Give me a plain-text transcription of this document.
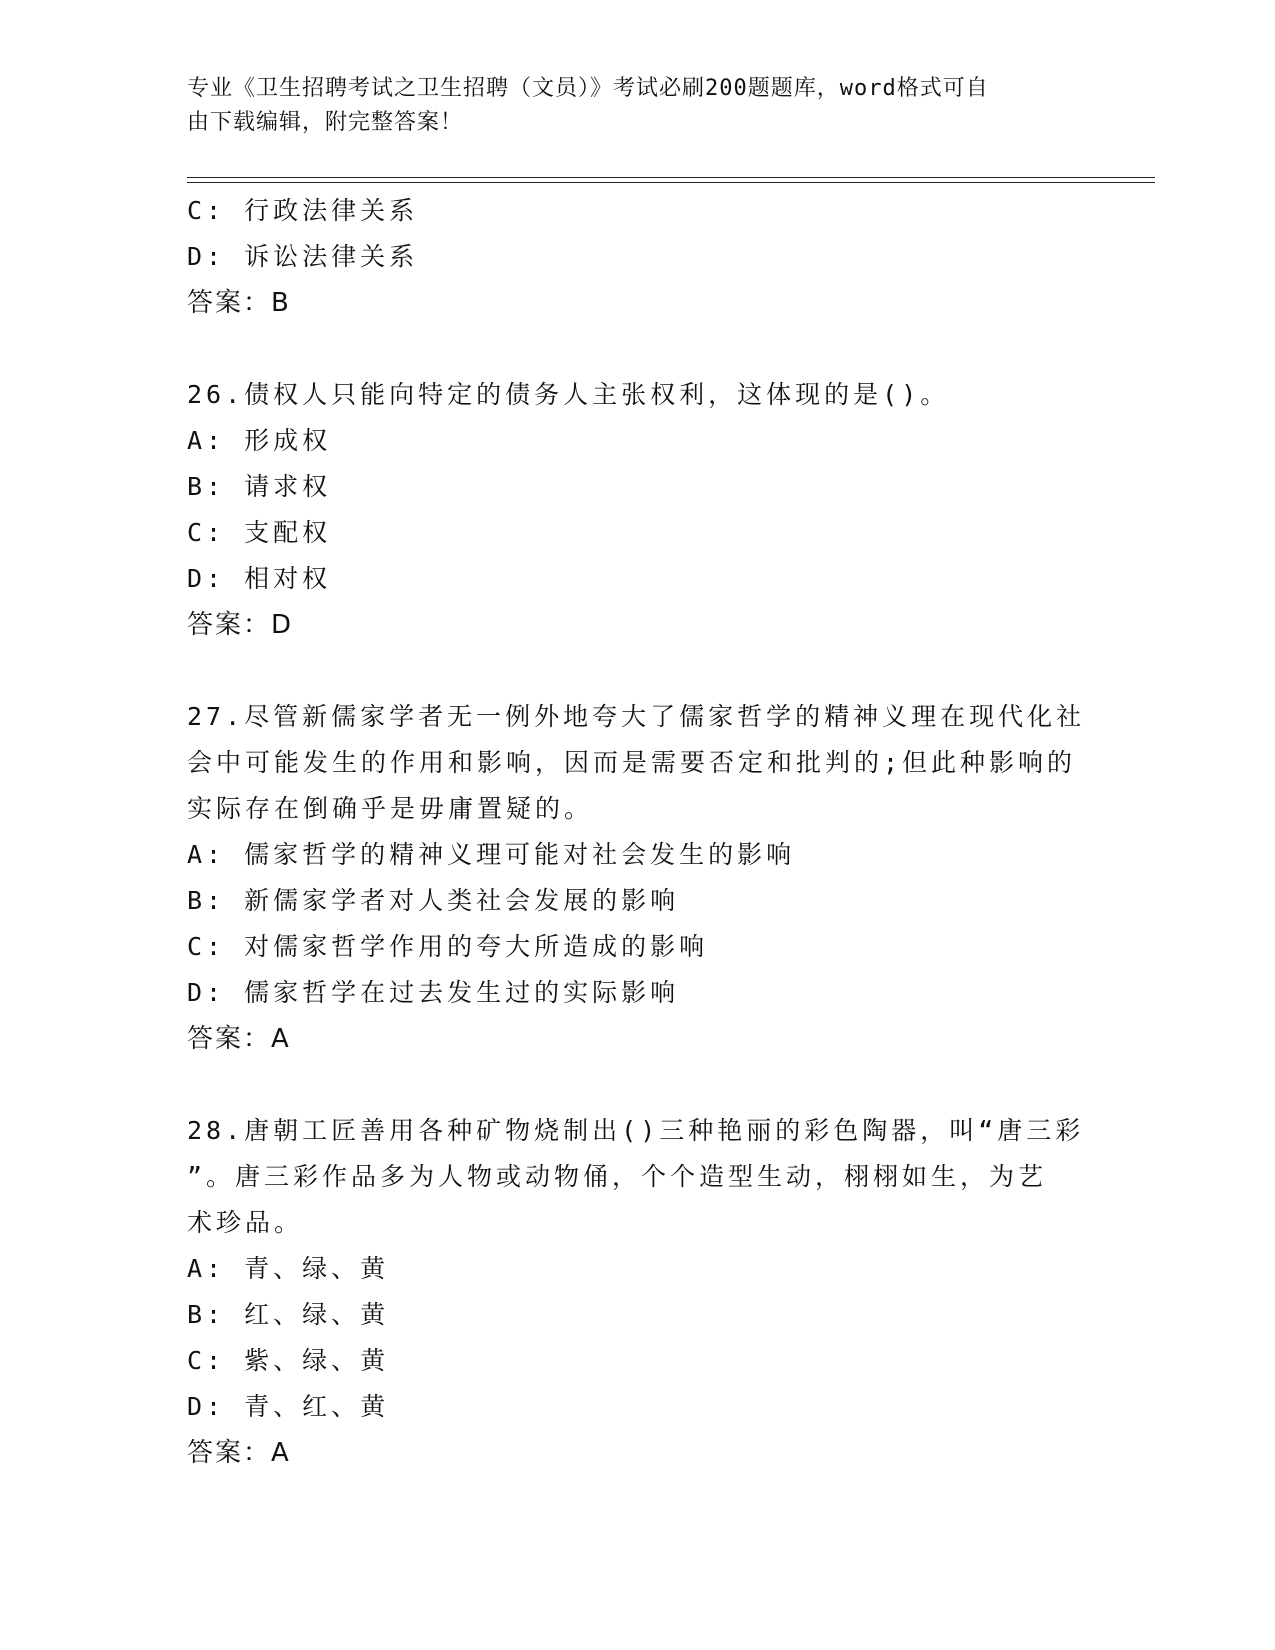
专业《卫生招聘考试之卫生招聘（文员）》考试必刷200题题库，word格式可自
由下载编辑，附完整答案！
C: 行政法律关系
D: 诉讼法律关系
答案：B
26.债权人只能向特定的债务人主张权利，这体现的是()。
A: 形成权
B: 请求权
C: 支配权
D: 相对权
答案：D
27.尽管新儒家学者无一例外地夸大了儒家哲学的精神义理在现代化社
会中可能发生的作用和影响，因而是需要否定和批判的;但此种影响的
实际存在倒确乎是毋庸置疑的。
A: 儒家哲学的精神义理可能对社会发生的影响
B: 新儒家学者对人类社会发展的影响
C: 对儒家哲学作用的夸大所造成的影响
D: 儒家哲学在过去发生过的实际影响
答案：A
28.唐朝工匠善用各种矿物烧制出()三种艳丽的彩色陶器，叫“唐三彩
”。唐三彩作品多为人物或动物俑，个个造型生动，栩栩如生，为艺
术珍品。
A: 青、绿、黄
B: 红、绿、黄
C: 紫、绿、黄
D: 青、红、黄
答案：A
